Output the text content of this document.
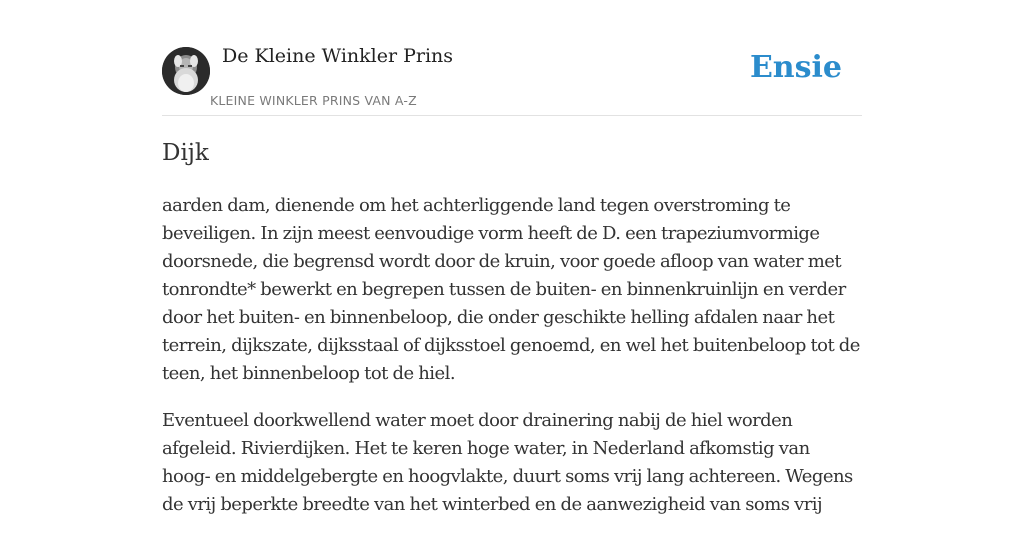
De Kleine Winkler Prins
KLEINE WINKLER PRINS VAN A-Z
Ensie
Dijk

aarden dam, dienende om het achterliggende land tegen overstroming te beveiligen. In zijn meest eenvoudige vorm heeft de D. een trapeziumvormige doorsnede, die begrensd wordt door de kruin, voor goede afloop van water met tonrondte* bewerkt en begrepen tussen de buiten- en binnenkruinlijn en verder door het buiten- en binnenbeloop, die onder geschikte helling afdalen naar het terrein, dijkszate, dijksstaal of dijksstoel genoemd, en wel het buitenbeloop tot de teen, het binnenbeloop tot de hiel.

Eventueel doorkwellend water moet door drainering nabij de hiel worden afgeleid. Rivierdijken. Het te keren hoge water, in Nederland afkomstig van hoog- en middelgebergte en hoogvlakte, duurt soms vrij lang achtereen. Wegens de vrij beperkte breedte van het winterbed en de aanwezigheid van soms vrij
